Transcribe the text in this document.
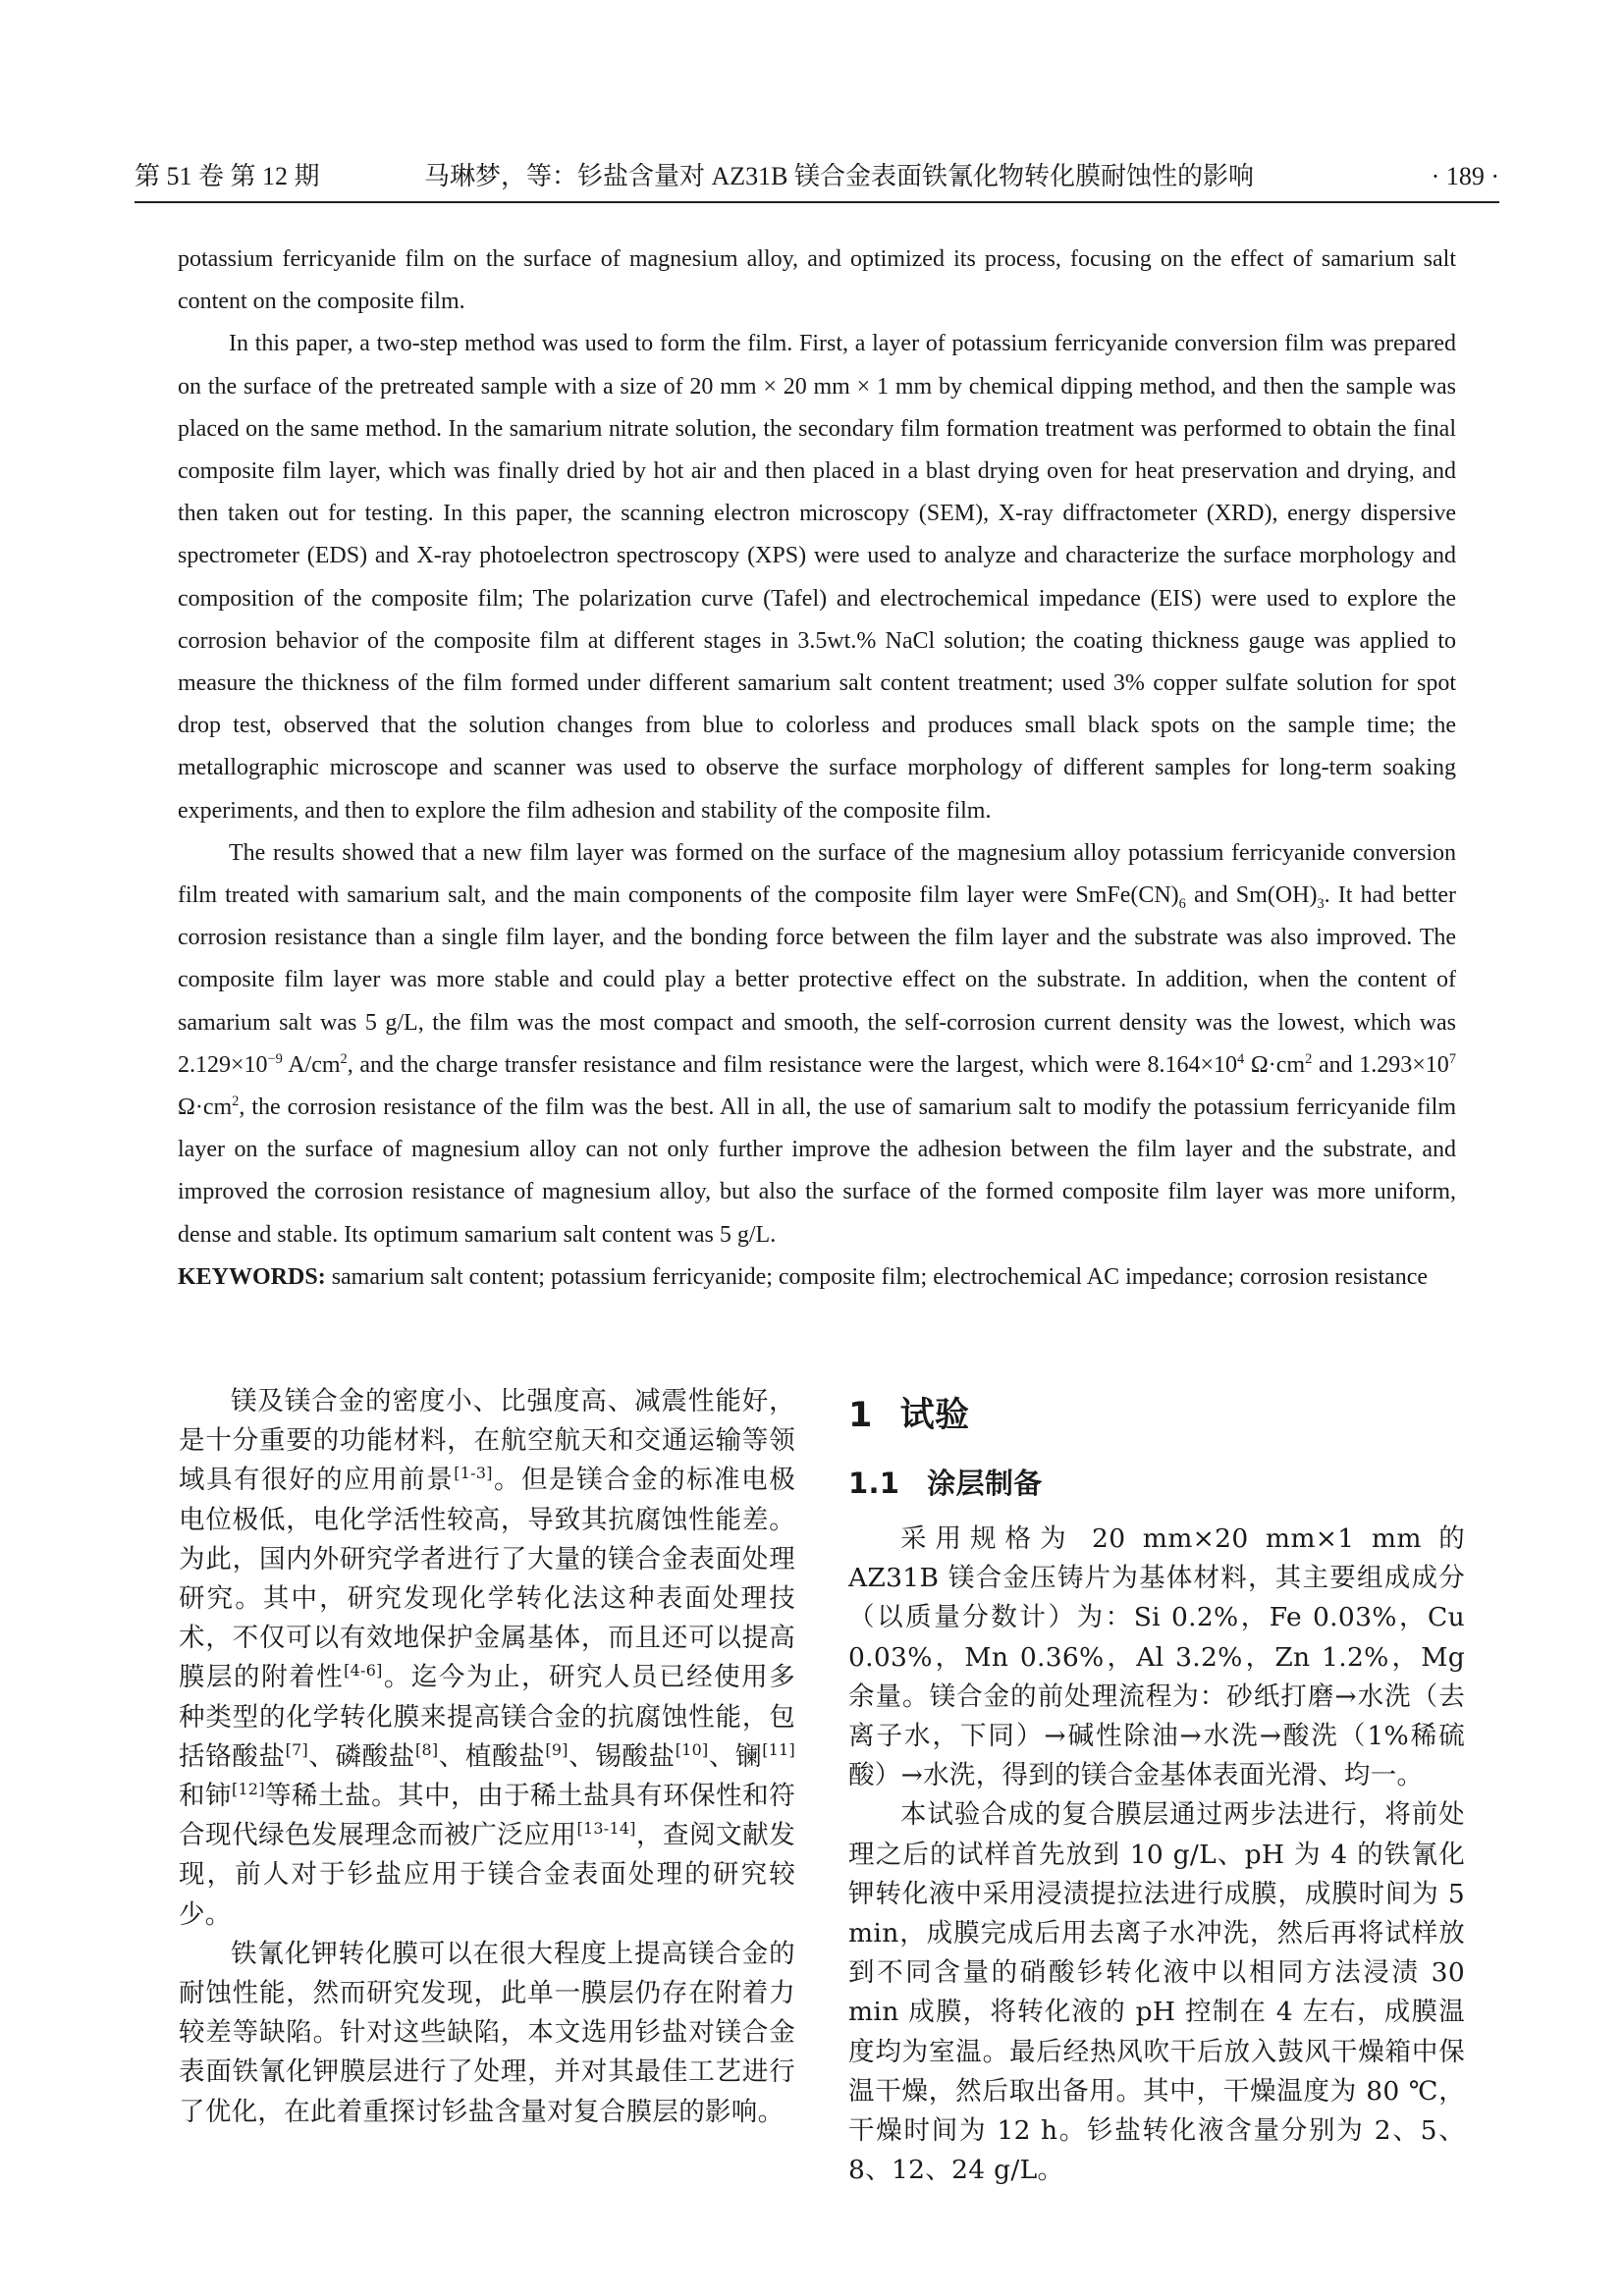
第 51 卷 第 12 期	马琳梦，等：钐盐含量对 AZ31B 镁合金表面铁氰化物转化膜耐蚀性的影响	· 189 ·

potassium ferricyanide film on the surface of magnesium alloy, and optimized its process, focusing on the effect of samarium salt content on the composite film.

In this paper, a two-step method was used to form the film. First, a layer of potassium ferricyanide conversion film was prepared on the surface of the pretreated sample with a size of 20 mm × 20 mm × 1 mm by chemical dipping method, and then the sample was placed on the same method. In the samarium nitrate solution, the secondary film formation treatment was performed to obtain the final composite film layer, which was finally dried by hot air and then placed in a blast drying oven for heat preservation and drying, and then taken out for testing. In this paper, the scanning electron microscopy (SEM), X-ray diffractometer (XRD), energy dispersive spectrometer (EDS) and X-ray photoelectron spectroscopy (XPS) were used to analyze and characterize the surface morphology and composition of the composite film; The polarization curve (Tafel) and electrochemical impedance (EIS) were used to explore the corrosion behavior of the composite film at different stages in 3.5wt.% NaCl solution; the coating thickness gauge was applied to measure the thickness of the film formed under different samarium salt content treatment; used 3% copper sulfate solution for spot drop test, observed that the solution changes from blue to colorless and produces small black spots on the sample time; the metallographic microscope and scanner was used to observe the surface morphology of different samples for long-term soaking experiments, and then to explore the film adhesion and stability of the composite film.

The results showed that a new film layer was formed on the surface of the magnesium alloy potassium ferricyanide conversion film treated with samarium salt, and the main components of the composite film layer were $SmFe(CN)_6$ and $Sm(OH)_3$. It had better corrosion resistance than a single film layer, and the bonding force between the film layer and the substrate was also improved. The composite film layer was more stable and could play a better protective effect on the substrate. In addition, when the content of samarium salt was 5 g/L, the film was the most compact and smooth, the self-corrosion current density was the lowest, which was $2.129\times 10^{-9}$ $A/cm^2$, and the charge transfer resistance and film resistance were the largest, which were $8.164\times 10^4$ $\Omega\cdot cm^2$ and $1.293\times 10^7$ $\Omega\cdot cm^2$, the corrosion resistance of the film was the best. All in all, the use of samarium salt to modify the potassium ferricyanide film layer on the surface of magnesium alloy can not only further improve the adhesion between the film layer and the substrate, and improved the corrosion resistance of magnesium alloy, but also the surface of the formed composite film layer was more uniform, dense and stable. Its optimum samarium salt content was 5 g/L.

KEYWORDS: samarium salt content; potassium ferricyanide; composite film; electrochemical AC impedance; corrosion resistance

镁及镁合金的密度小、比强度高、减震性能好，是十分重要的功能材料，在航空航天和交通运输等领域具有很好的应用前景[1-3]。但是镁合金的标准电极电位极低，电化学活性较高，导致其抗腐蚀性能差。为此，国内外研究学者进行了大量的镁合金表面处理研究。其中，研究发现化学转化法这种表面处理技术，不仅可以有效地保护金属基体，而且还可以提高膜层的附着性[4-6]。迄今为止，研究人员已经使用多种类型的化学转化膜来提高镁合金的抗腐蚀性能，包括铬酸盐[7]、磷酸盐[8]、植酸盐[9]、锡酸盐[10]、镧[11]和铈[12]等稀土盐。其中，由于稀土盐具有环保性和符合现代绿色发展理念而被广泛应用[13-14]，查阅文献发现，前人对于钐盐应用于镁合金表面处理的研究较少。

铁氰化钾转化膜可以在很大程度上提高镁合金的耐蚀性能，然而研究发现，此单一膜层仍存在附着力较差等缺陷。针对这些缺陷，本文选用钐盐对镁合金表面铁氰化钾膜层进行了处理，并对其最佳工艺进行了优化，在此着重探讨钐盐含量对复合膜层的影响。

1 试验
1.1 涂层制备

采用规格为 20 mm×20 mm×1 mm 的 AZ31B 镁合金压铸片为基体材料，其主要组成成分（以质量分数计）为：Si 0.2%，Fe 0.03%，Cu 0.03%，Mn 0.36%，Al 3.2%，Zn 1.2%，Mg 余量。镁合金的前处理流程为：砂纸打磨→水洗（去离子水，下同）→碱性除油→水洗→酸洗（1%稀硫酸）→水洗，得到的镁合金基体表面光滑、均一。

本试验合成的复合膜层通过两步法进行，将前处理之后的试样首先放到 10 g/L、pH 为 4 的铁氰化钾转化液中采用浸渍提拉法进行成膜，成膜时间为 5 min，成膜完成后用去离子水冲洗，然后再将试样放到不同含量的硝酸钐转化液中以相同方法浸渍 30 min 成膜，将转化液的 pH 控制在 4 左右，成膜温度均为室温。最后经热风吹干后放入鼓风干燥箱中保温干燥，然后取出备用。其中，干燥温度为 80 ℃，干燥时间为 12 h。钐盐转化液含量分别为 2、5、8、12、24 g/L。
